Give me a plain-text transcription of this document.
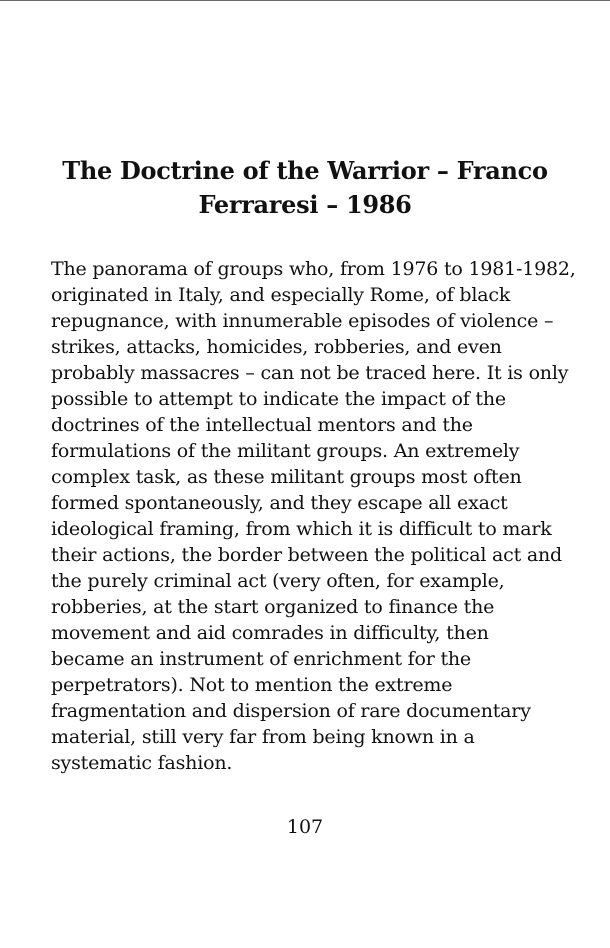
The Doctrine of the Warrior – Franco
Ferraresi – 1986

The panorama of groups who, from 1976 to 1981-1982,
originated in Italy, and especially Rome, of black
repugnance, with innumerable episodes of violence –
strikes, attacks, homicides, robberies, and even
probably massacres – can not be traced here. It is only
possible to attempt to indicate the impact of the
doctrines of the intellectual mentors and the
formulations of the militant groups. An extremely
complex task, as these militant groups most often
formed spontaneously, and they escape all exact
ideological framing, from which it is difficult to mark
their actions, the border between the political act and
the purely criminal act (very often, for example,
robberies, at the start organized to finance the
movement and aid comrades in difficulty, then
became an instrument of enrichment for the
perpetrators). Not to mention the extreme
fragmentation and dispersion of rare documentary
material, still very far from being known in a
systematic fashion.

107
